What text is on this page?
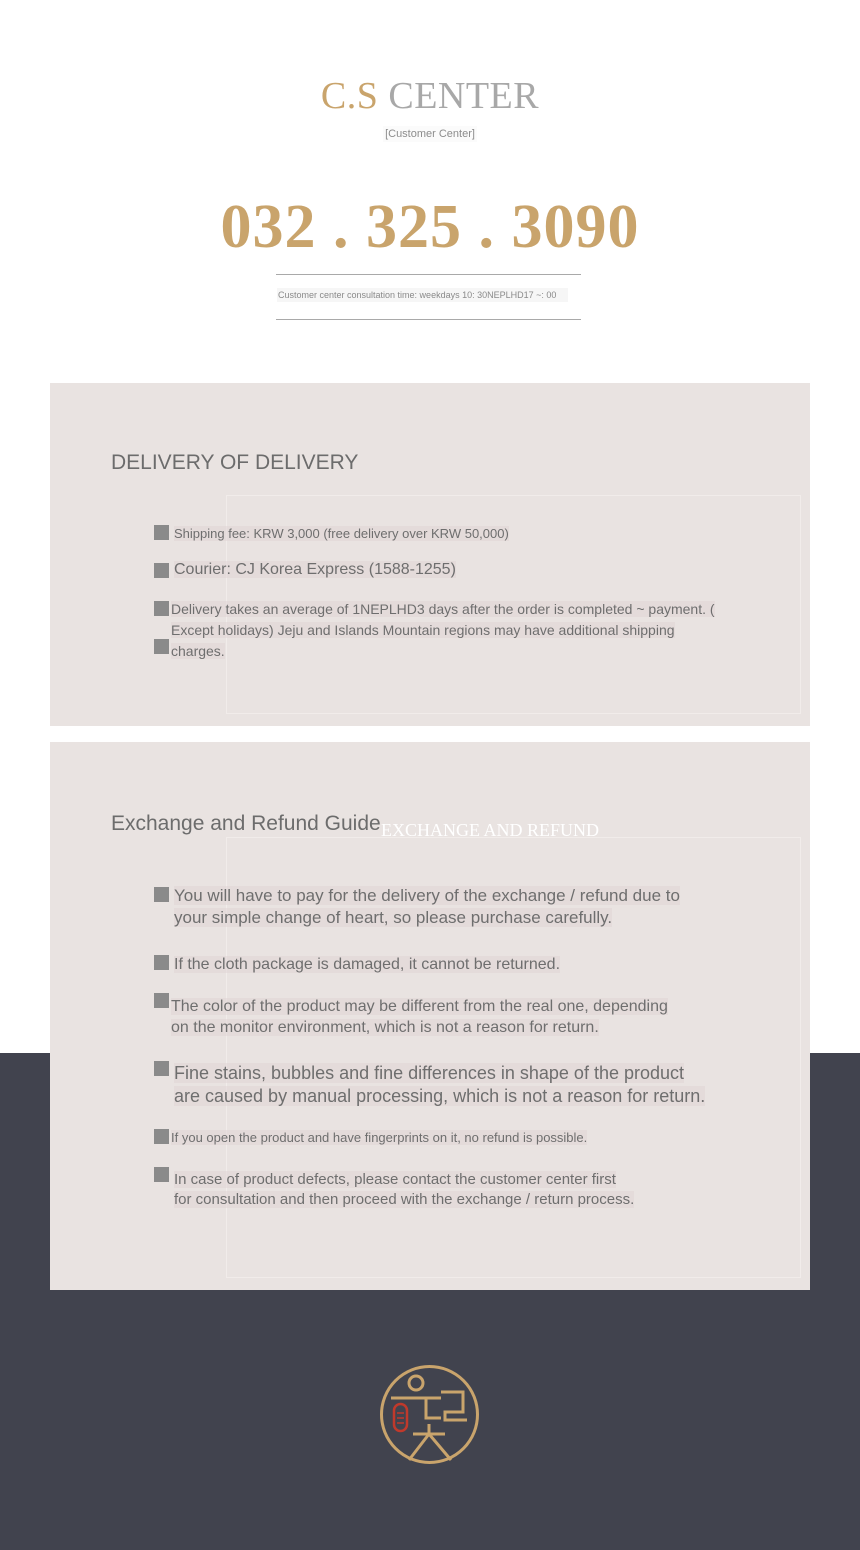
C.S CENTER
[Customer Center]
032 . 325 . 3090
Customer center consultation time: weekdays 10: 30NEPLHD17 ~: 00
DELIVERY OF DELIVERY
Shipping fee: KRW 3,000 (free delivery over KRW 50,000)
Courier: CJ Korea Express (1588-1255)
Delivery takes an average of 1NEPLHD3 days after the order is completed ~ payment. (
Except holidays) Jeju and Islands Mountain regions may have additional shipping
charges.
Exchange and Refund Guide EXCHANGE AND REFUND
You will have to pay for the delivery of the exchange / refund due to
your simple change of heart, so please purchase carefully.
If the cloth package is damaged, it cannot be returned.
The color of the product may be different from the real one, depending
on the monitor environment, which is not a reason for return.
Fine stains, bubbles and fine differences in shape of the product
are caused by manual processing, which is not a reason for return.
If you open the product and have fingerprints on it, no refund is possible.
In case of product defects, please contact the customer center first
for consultation and then proceed with the exchange / return process.
